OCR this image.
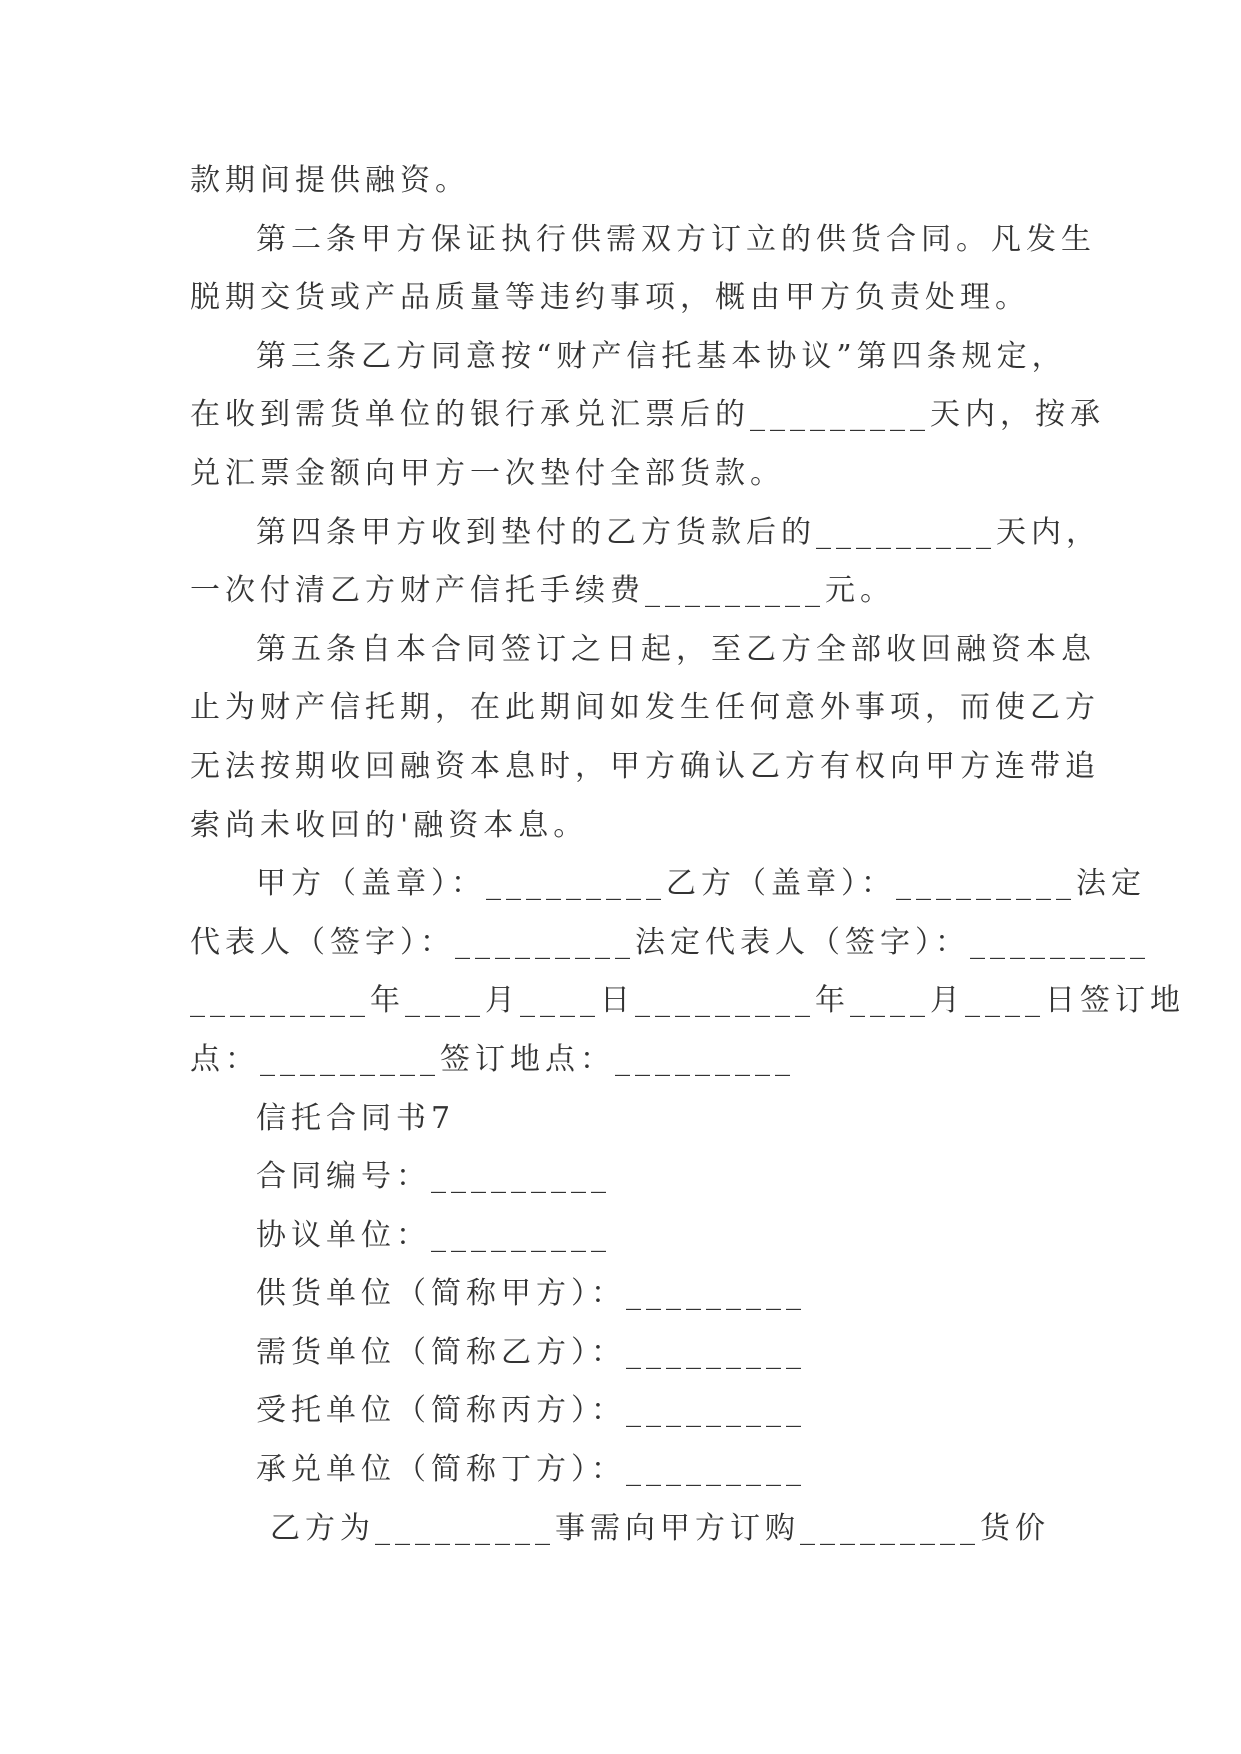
款期间提供融资。
第二条甲方保证执行供需双方订立的供货合同。凡发生
脱期交货或产品质量等违约事项，概由甲方负责处理。
第三条乙方同意按“财产信托基本协议”第四条规定，
在收到需货单位的银行承兑汇票后的_________天内，按承
兑汇票金额向甲方一次垫付全部货款。
第四条甲方收到垫付的乙方货款后的_________天内，
一次付清乙方财产信托手续费_________元。
第五条自本合同签订之日起，至乙方全部收回融资本息
止为财产信托期，在此期间如发生任何意外事项，而使乙方
无法按期收回融资本息时，甲方确认乙方有权向甲方连带追
索尚未收回的'融资本息。
甲方（盖章）：_________乙方（盖章）：_________法定
代表人（签字）：_________法定代表人（签字）：_________
_________年____月____日_________年____月____日签订地
点：_________签订地点：_________
信托合同书7
合同编号：_________
协议单位：_________
供货单位（简称甲方）：_________
需货单位（简称乙方）：_________
受托单位（简称丙方）：_________
承兑单位（简称丁方）：_________
乙方为_________事需向甲方订购_________货价
